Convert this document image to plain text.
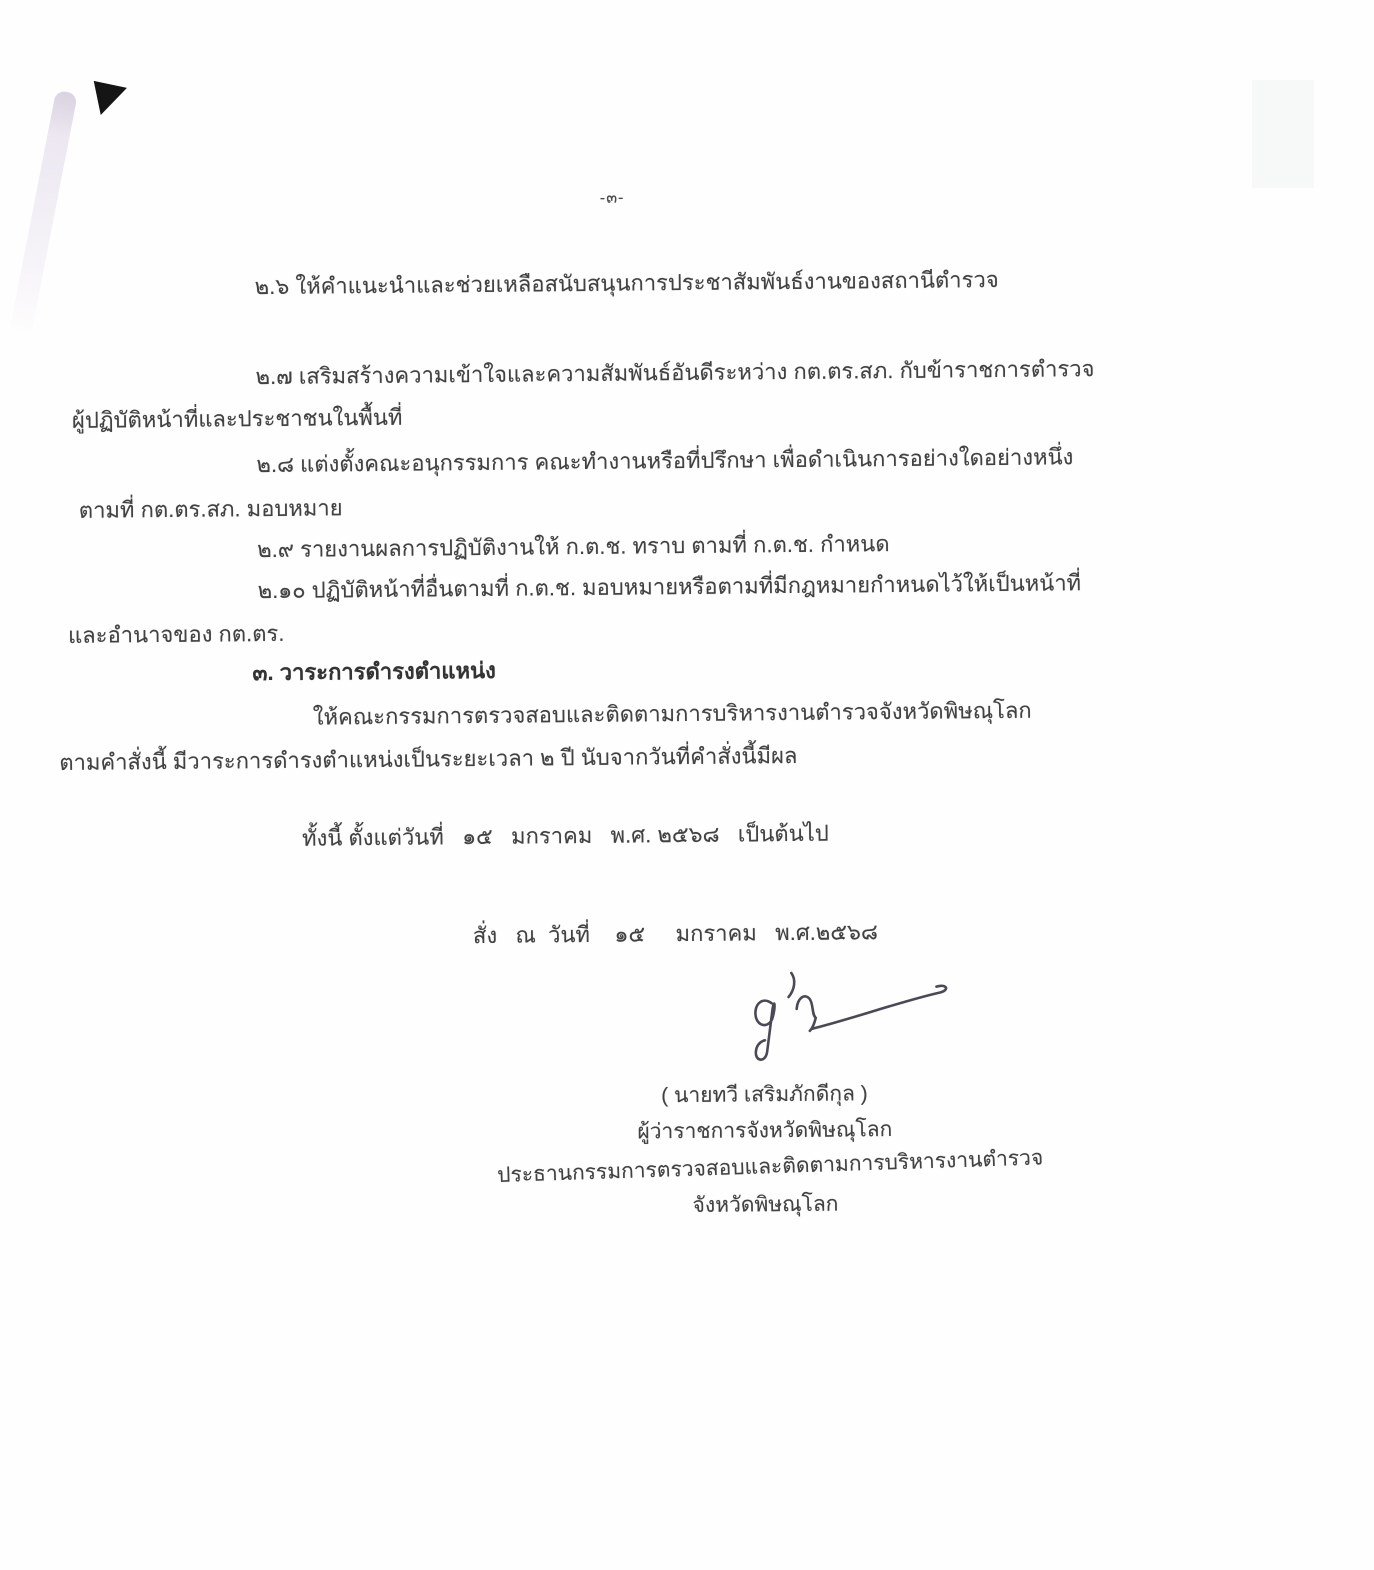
-๓-
๒.๖ ให้คำแนะนำและช่วยเหลือสนับสนุนการประชาสัมพันธ์งานของสถานีตำรวจ
๒.๗ เสริมสร้างความเข้าใจและความสัมพันธ์อันดีระหว่าง กต.ตร.สภ. กับข้าราชการตำรวจ
ผู้ปฏิบัติหน้าที่และประชาชนในพื้นที่
๒.๘ แต่งตั้งคณะอนุกรรมการ คณะทำงานหรือที่ปรึกษา เพื่อดำเนินการอย่างใดอย่างหนึ่ง
ตามที่ กต.ตร.สภ. มอบหมาย
๒.๙ รายงานผลการปฏิบัติงานให้ ก.ต.ช. ทราบ ตามที่ ก.ต.ช. กำหนด
๒.๑๐ ปฏิบัติหน้าที่อื่นตามที่ ก.ต.ช. มอบหมายหรือตามที่มีกฎหมายกำหนดไว้ให้เป็นหน้าที่
และอำนาจของ กต.ตร.
๓. วาระการดำรงตำแหน่ง
ให้คณะกรรมการตรวจสอบและติดตามการบริหารงานตำรวจจังหวัดพิษณุโลก
ตามคำสั่งนี้ มีวาระการดำรงตำแหน่งเป็นระยะเวลา ๒ ปี นับจากวันที่คำสั่งนี้มีผล
ทั้งนี้ ตั้งแต่วันที่   ๑๕   มกราคม   พ.ศ. ๒๕๖๘   เป็นต้นไป
สั่ง   ณ  วันที่    ๑๕     มกราคม   พ.ศ.๒๕๖๘
( นายทวี เสริมภักดีกุล )
ผู้ว่าราชการจังหวัดพิษณุโลก
ประธานกรรมการตรวจสอบและติดตามการบริหารงานตำรวจ
จังหวัดพิษณุโลก
